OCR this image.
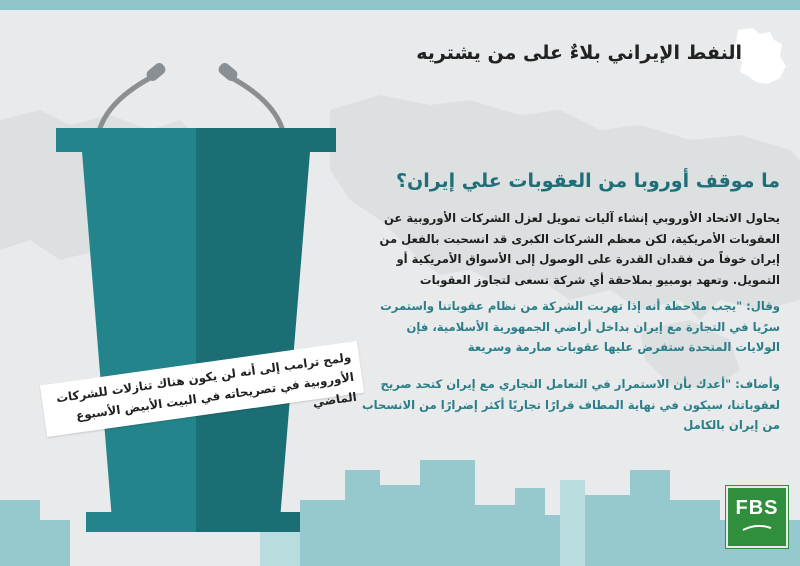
النفط الإيراني بلاءٌ على من يشتريه
ما موقف أوروبا من العقوبات علي إيران؟
يحاول الاتحاد الأوروبي إنشاء آليات تمويل لعزل الشركات الأوروبية عن العقوبات الأمريكية، لكن معظم الشركات الكبرى قد انسحبت بالفعل من إيران خوفاً من فقدان القدرة على الوصول إلى الأسواق الأمريكية أو التمويل. وتعهد بومبيو بملاحقة أي شركة تسعى لتجاوز العقوبات
وقال: "يجب ملاحظة أنه إذا تهربت الشركة من نظام عقوباتنا واستمرت سرًيا في التجارة مع إيران بداخل أراضي الجمهورية الأسلامية، فإن الولايات المتحدة ستفرض عليها عقوبات صارمة وسريعة
وأضاف: "أعدك بأن الاستمرار في التعامل التجاري مع إيران كتحد صريح لعقوباتنا، سيكون في نهاية المطاف قرارًا تجاريًا أكثر إضرارًا من الانسحاب من إيران بالكامل
ولمح ترامب إلى أنه لن يكون هناك تنازلات للشركات الأوروبية في تصريحاته في البيت الأبيض الأسبوع الماضي
FBS
